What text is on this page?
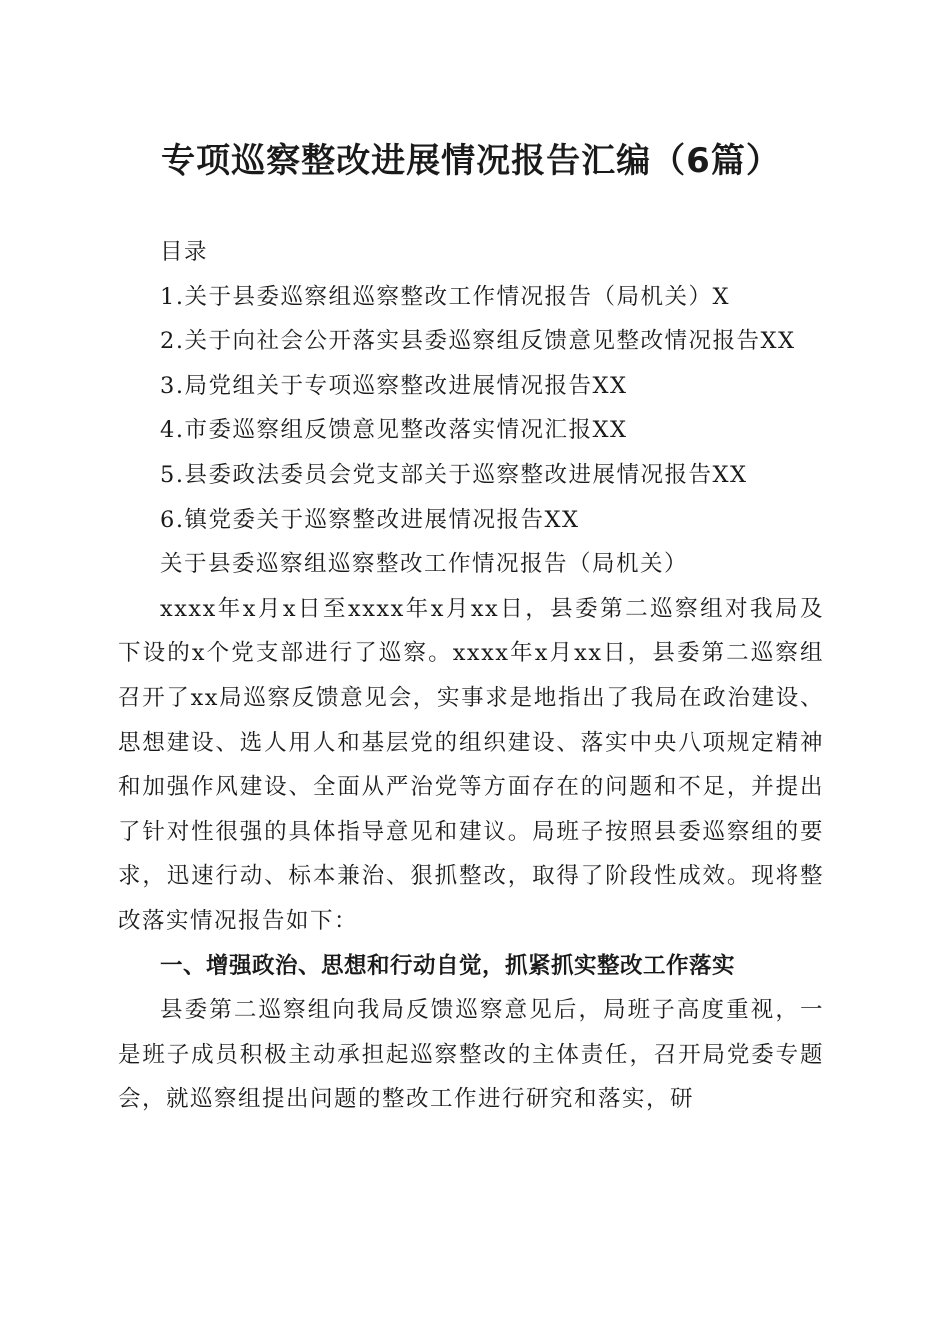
专项巡察整改进展情况报告汇编（6篇）

目录

1.关于县委巡察组巡察整改工作情况报告（局机关）X

2.关于向社会公开落实县委巡察组反馈意见整改情况报告XX

3.局党组关于专项巡察整改进展情况报告XX

4.市委巡察组反馈意见整改落实情况汇报XX

5.县委政法委员会党支部关于巡察整改进展情况报告XX

6.镇党委关于巡察整改进展情况报告XX

关于县委巡察组巡察整改工作情况报告（局机关）

xxxx年x月x日至xxxx年x月xx日，县委第二巡察组对我局及下设的x个党支部进行了巡察。xxxx年x月xx日，县委第二巡察组召开了xx局巡察反馈意见会，实事求是地指出了我局在政治建设、思想建设、选人用人和基层党的组织建设、落实中央八项规定精神和加强作风建设、全面从严治党等方面存在的问题和不足，并提出了针对性很强的具体指导意见和建议。局班子按照县委巡察组的要求，迅速行动、标本兼治、狠抓整改，取得了阶段性成效。现将整改落实情况报告如下：

一、增强政治、思想和行动自觉，抓紧抓实整改工作落实

县委第二巡察组向我局反馈巡察意见后，局班子高度重视，一是班子成员积极主动承担起巡察整改的主体责任，召开局党委专题会，就巡察组提出问题的整改工作进行研究和落实，研
